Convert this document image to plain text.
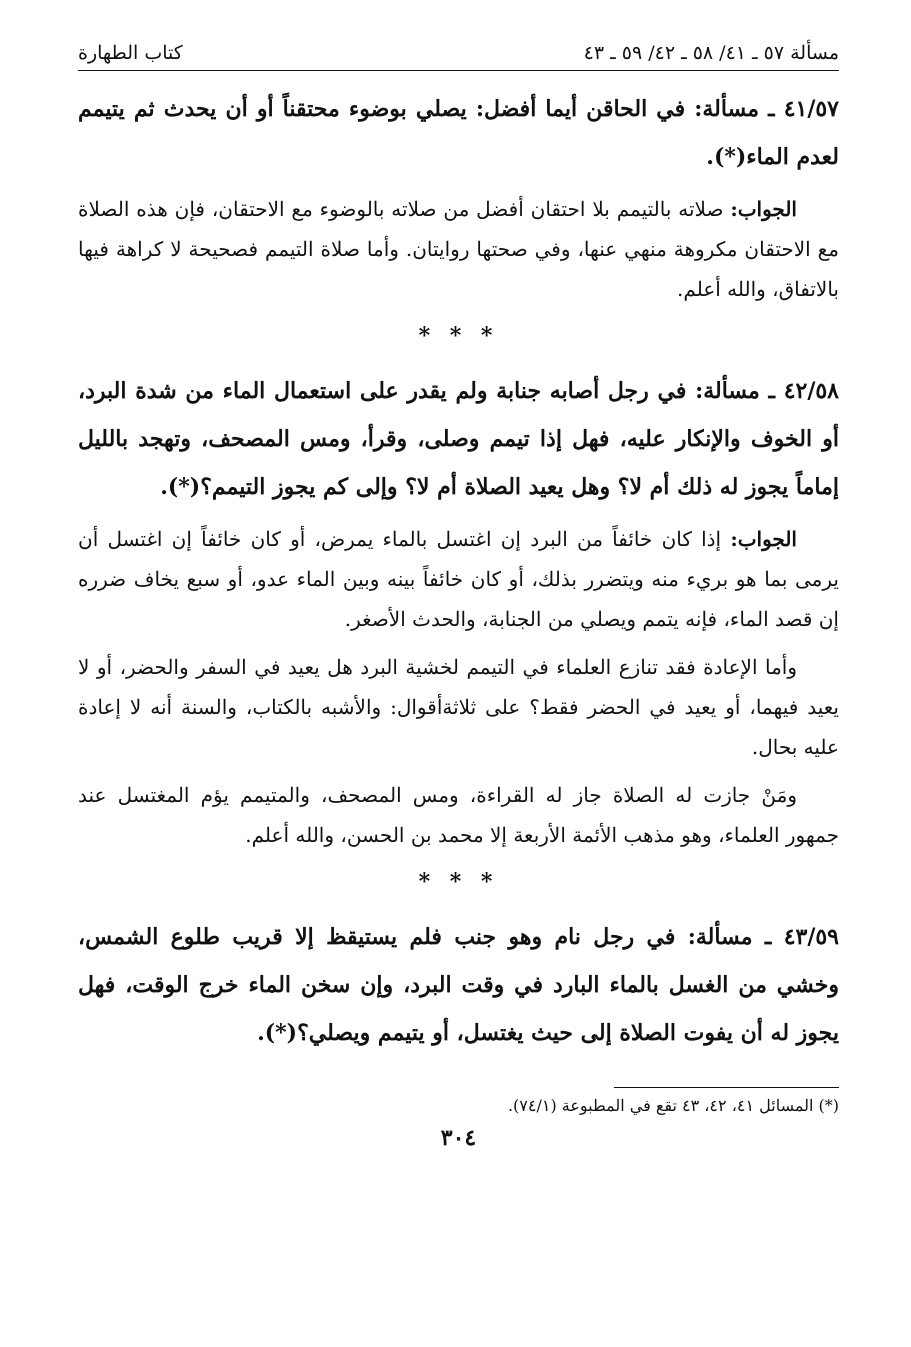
مسألة ٥٧ ـ ٤١/ ٥٨ ـ ٤٢/ ٥٩ ـ ٤٣
كتاب الطهارة

٤١/٥٧ ـ مسألة: في الحاقن أيما أفضل: يصلي بوضوء محتقناً أو أن يحدث ثم يتيمم لعدم الماء(*).

الجواب: صلاته بالتيمم بلا احتقان أفضل من صلاته بالوضوء مع الاحتقان، فإن هذه الصلاة مع الاحتقان مكروهة منهي عنها، وفي صحتها روايتان. وأما صلاة التيمم فصحيحة لا كراهة فيها بالاتفاق، والله أعلم.

* * *

٤٢/٥٨ ـ مسألة: في رجل أصابه جنابة ولم يقدر على استعمال الماء من شدة البرد، أو الخوف والإنكار عليه، فهل إذا تيمم وصلى، وقرأ، ومس المصحف، وتهجد بالليل إماماً يجوز له ذلك أم لا؟ وهل يعيد الصلاة أم لا؟ وإلى كم يجوز التيمم؟(*).

الجواب: إذا كان خائفاً من البرد إن اغتسل بالماء يمرض، أو كان خائفاً إن اغتسل أن يرمى بما هو بريء منه ويتضرر بذلك، أو كان خائفاً بينه وبين الماء عدو، أو سبع يخاف ضرره إن قصد الماء، فإنه يتمم ويصلي من الجنابة، والحدث الأصغر.

وأما الإعادة فقد تنازع العلماء في التيمم لخشية البرد هل يعيد في السفر والحضر، أو لا يعيد فيهما، أو يعيد في الحضر فقط؟ على ثلاثةأقوال: والأشبه بالكتاب، والسنة أنه لا إعادة عليه بحال.

ومَنْ جازت له الصلاة جاز له القراءة، ومس المصحف، والمتيمم يؤم المغتسل عند جمهور العلماء، وهو مذهب الأئمة الأربعة إلا محمد بن الحسن، والله أعلم.

* * *

٤٣/٥٩ ـ مسألة: في رجل نام وهو جنب فلم يستيقظ إلا قريب طلوع الشمس، وخشي من الغسل بالماء البارد في وقت البرد، وإن سخن الماء خرج الوقت، فهل يجوز له أن يفوت الصلاة إلى حيث يغتسل، أو يتيمم ويصلي؟(*).

(*) المسائل ٤١، ٤٢، ٤٣ تقع في المطبوعة (٧٤/١).
٣٠٤
